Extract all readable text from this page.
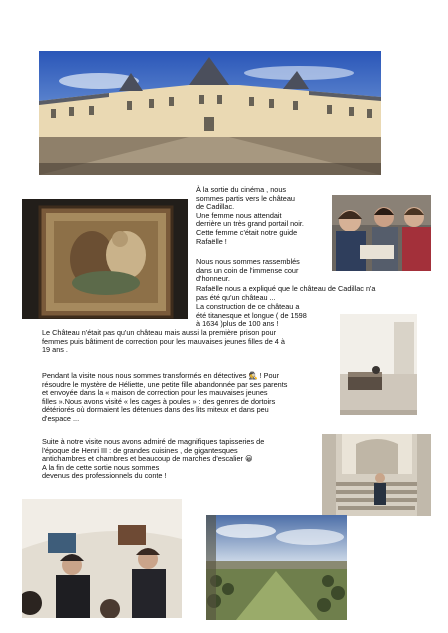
À la sortie du cinéma , nous
sommes partis vers le château
de Cadillac.
Une femme nous attendait
derrière un très grand portail noir.
Cette femme c'était notre guide
Rafaëlle !

Nous nous sommes rassemblés
dans un coin de l'immense cour
d'honneur.

Rafaëlle nous a expliqué que le château de Cadillac n'a
pas été qu'un château ...

La construction de ce château a
été titanesque et longue ( de 1598
à 1634 )plus de 100 ans !

Le Château n'était pas qu'un château mais aussi la première prison pour
femmes puis bâtiment de correction pour les mauvaises jeunes filles de 4 à
19 ans .

Pendant la visite nous nous sommes transformés en détectives 🕵 ! Pour
résoudre le mystère de Héliette, une petite fille abandonnée par ses parents
et envoyée dans la « maison de correction pour les mauvaises jeunes
filles ».Nous avons visité « les cages à poules » : des genres de dortoirs
détériorés où dormaient les détenues dans des lits miteux et dans peu
d'espace ...

Suite à notre visite nous avons admiré de magnifiques tapisseries de
l'époque de Henri III : de grandes cuisines , de gigantesques
antichambres et chambres et beaucoup de marches d'escalier 😀
A la fin de cette sortie nous sommes
devenus des professionnels du conte !
